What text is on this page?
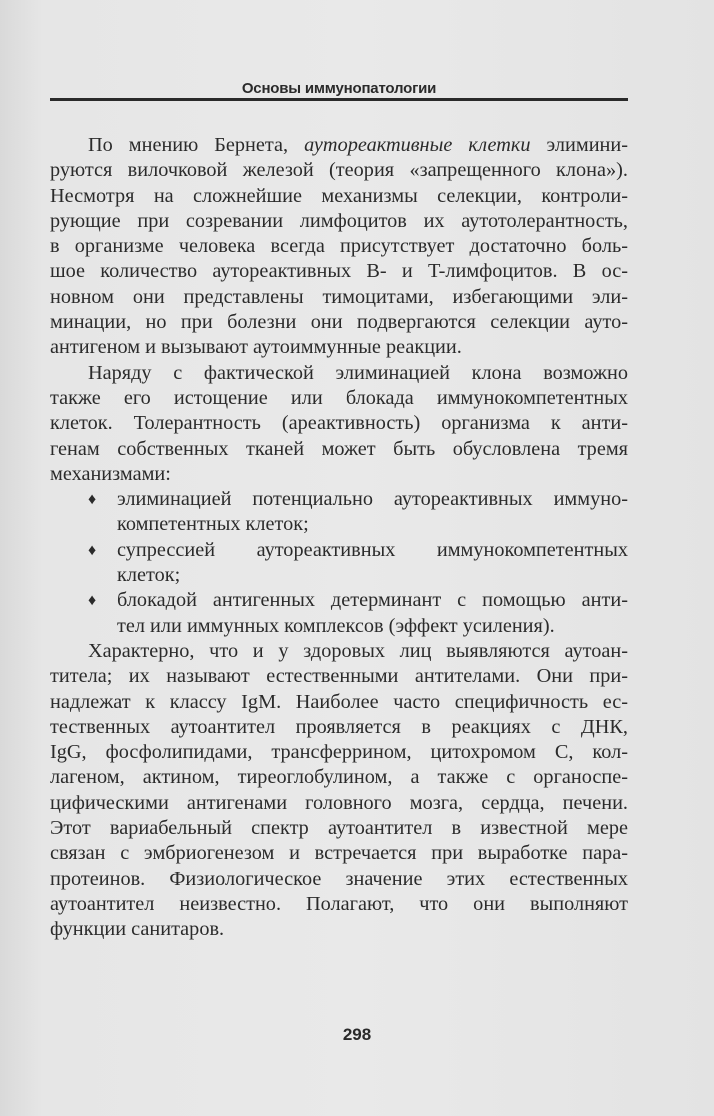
Основы иммунопатологии
По мнению Бернета, аутореактивные клетки элимини-
руются вилочковой железой (теория «запрещенного клона»).
Несмотря на сложнейшие механизмы селекции, контроли-
рующие при созревании лимфоцитов их аутотолерантность,
в организме человека всегда присутствует достаточно боль-
шое количество аутореактивных B- и T-лимфоцитов. В ос-
новном они представлены тимоцитами, избегающими эли-
минации, но при болезни они подвергаются селекции ауто-
антигеном и вызывают аутоиммунные реакции.
Наряду с фактической элиминацией клона возможно
также его истощение или блокада иммунокомпетентных
клеток. Толерантность (ареактивность) организма к анти-
генам собственных тканей может быть обусловлена тремя
механизмами:
♦	элиминацией потенциально аутореактивных иммуно-
компетентных клеток;
♦	супрессией аутореактивных иммунокомпетентных
клеток;
♦	блокадой антигенных детерминант с помощью анти-
тел или иммунных комплексов (эффект усиления).
Характерно, что и у здоровых лиц выявляются аутоан-
титела; их называют естественными антителами. Они при-
надлежат к классу IgM. Наиболее часто специфичность ес-
тественных аутоантител проявляется в реакциях с ДНК,
IgG, фосфолипидами, трансферрином, цитохромом C, кол-
лагеном, актином, тиреоглобулином, а также с органоспе-
цифическими антигенами головного мозга, сердца, печени.
Этот вариабельный спектр аутоантител в известной мере
связан с эмбриогенезом и встречается при выработке пара-
протеинов. Физиологическое значение этих естественных
аутоантител неизвестно. Полагают, что они выполняют
функции санитаров.
298
